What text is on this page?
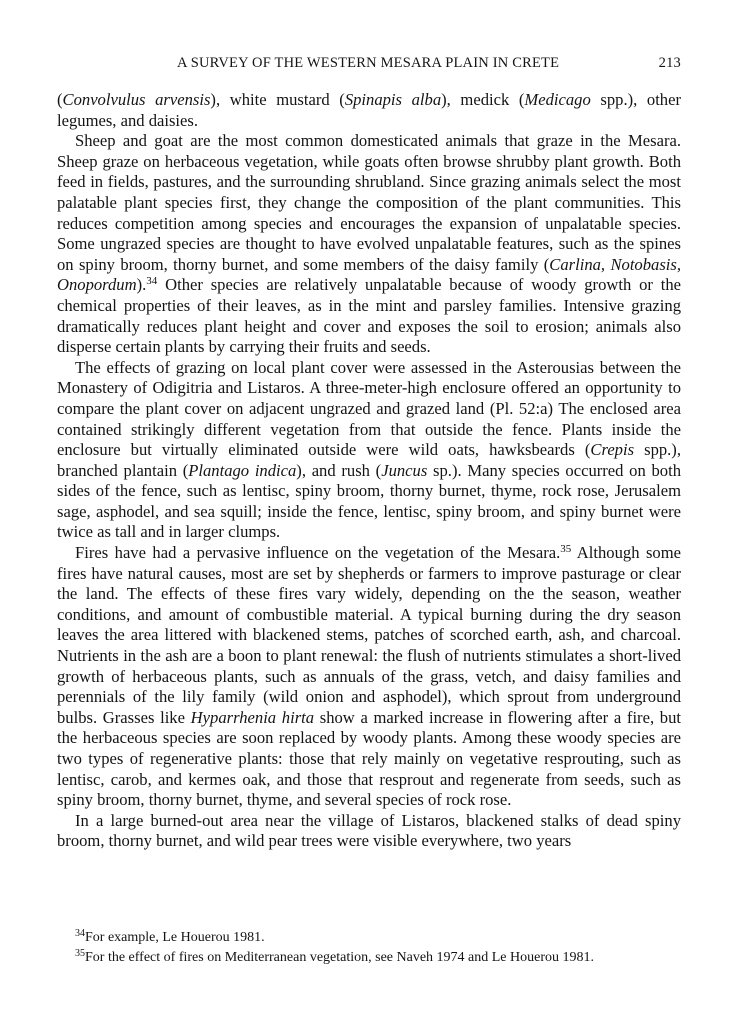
A SURVEY OF THE WESTERN MESARA PLAIN IN CRETE	213

(Convolvulus arvensis), white mustard (Spinapis alba), medick (Medicago spp.), other legumes, and daisies.

Sheep and goat are the most common domesticated animals that graze in the Mesara. Sheep graze on herbaceous vegetation, while goats often browse shrubby plant growth. Both feed in fields, pastures, and the surrounding shrubland. Since grazing animals select the most palatable plant species first, they change the composition of the plant communities. This reduces competition among species and encourages the expansion of unpalatable species. Some ungrazed species are thought to have evolved unpalatable features, such as the spines on spiny broom, thorny burnet, and some members of the daisy family (Carlina, Notobasis, Onopordum).$^{34}$ Other species are relatively unpalatable because of woody growth or the chemical properties of their leaves, as in the mint and parsley families. Intensive grazing dramatically reduces plant height and cover and exposes the soil to erosion; animals also disperse certain plants by carrying their fruits and seeds.

The effects of grazing on local plant cover were assessed in the Asterousias between the Monastery of Odigitria and Listaros. A three-meter-high enclosure offered an opportunity to compare the plant cover on adjacent ungrazed and grazed land (Pl. 52:a) The enclosed area contained strikingly different vegetation from that outside the fence. Plants inside the enclosure but virtually eliminated outside were wild oats, hawksbeards (Crepis spp.), branched plantain (Plantago indica), and rush (Juncus sp.). Many species occurred on both sides of the fence, such as lentisc, spiny broom, thorny burnet, thyme, rock rose, Jerusalem sage, asphodel, and sea squill; inside the fence, lentisc, spiny broom, and spiny burnet were twice as tall and in larger clumps.

Fires have had a pervasive influence on the vegetation of the Mesara.$^{35}$ Although some fires have natural causes, most are set by shepherds or farmers to improve pasturage or clear the land. The effects of these fires vary widely, depending on the the season, weather conditions, and amount of combustible material. A typical burning during the dry season leaves the area littered with blackened stems, patches of scorched earth, ash, and charcoal. Nutrients in the ash are a boon to plant renewal: the flush of nutrients stimulates a short-lived growth of herbaceous plants, such as annuals of the grass, vetch, and daisy families and perennials of the lily family (wild onion and asphodel), which sprout from underground bulbs. Grasses like Hyparrhenia hirta show a marked increase in flowering after a fire, but the herbaceous species are soon replaced by woody plants. Among these woody species are two types of regenerative plants: those that rely mainly on vegetative resprouting, such as lentisc, carob, and kermes oak, and those that resprout and regenerate from seeds, such as spiny broom, thorny burnet, thyme, and several species of rock rose.

In a large burned-out area near the village of Listaros, blackened stalks of dead spiny broom, thorny burnet, and wild pear trees were visible everywhere, two years

$^{34}$For example, Le Houerou 1981.
$^{35}$For the effect of fires on Mediterranean vegetation, see Naveh 1974 and Le Houerou 1981.
